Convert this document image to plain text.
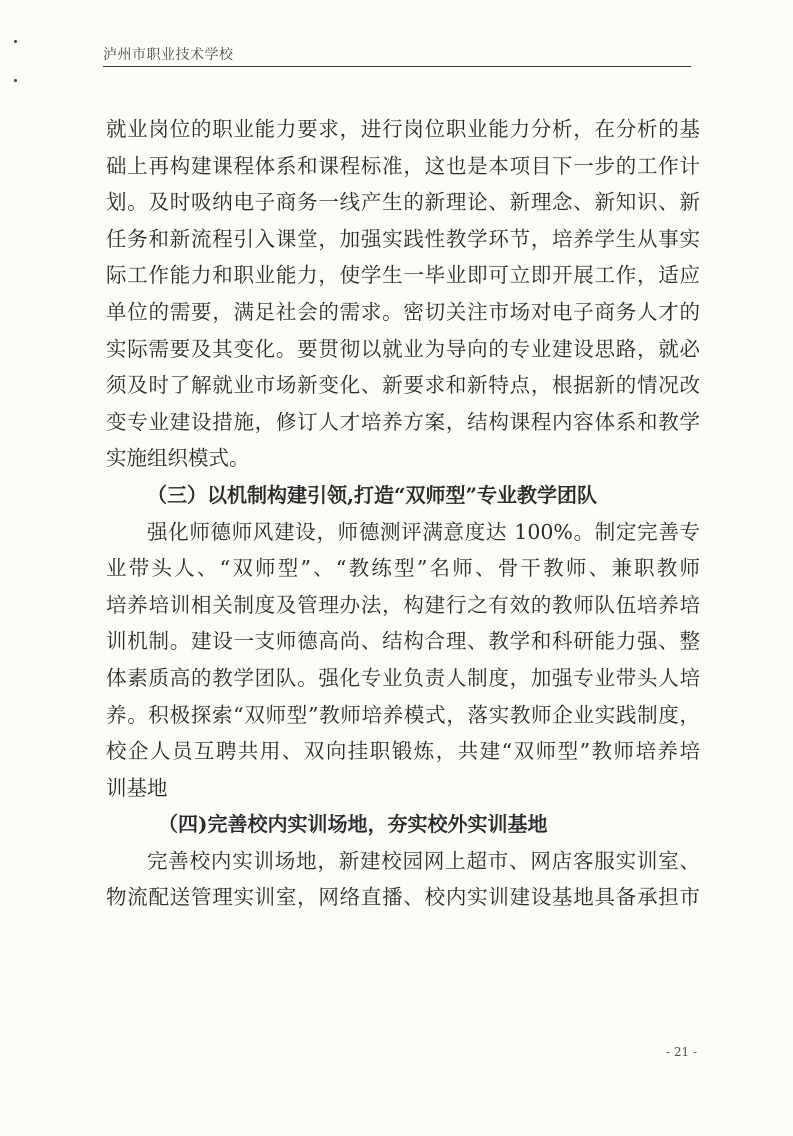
泸州市职业技术学校
就业岗位的职业能力要求，进行岗位职业能力分析，在分析的基
础上再构建课程体系和课程标准，这也是本项目下一步的工作计
划。及时吸纳电子商务一线产生的新理论、新理念、新知识、新
任务和新流程引入课堂，加强实践性教学环节，培养学生从事实
际工作能力和职业能力，使学生一毕业即可立即开展工作，适应
单位的需要，满足社会的需求。密切关注市场对电子商务人才的
实际需要及其变化。要贯彻以就业为导向的专业建设思路，就必
须及时了解就业市场新变化、新要求和新特点，根据新的情况改
变专业建设措施，修订人才培养方案，结构课程内容体系和教学
实施组织模式。
（三）以机制构建引领,打造“双师型”专业教学团队
强化师德师风建设，师德测评满意度达 100%。制定完善专
业带头人、“双师型”、“教练型”名师、骨干教师、兼职教师
培养培训相关制度及管理办法，构建行之有效的教师队伍培养培
训机制。建设一支师德高尚、结构合理、教学和科研能力强、整
体素质高的教学团队。强化专业负责人制度，加强专业带头人培
养。积极探索“双师型”教师培养模式，落实教师企业实践制度，
校企人员互聘共用、双向挂职锻炼，共建“双师型”教师培养培
训基地
（四)完善校内实训场地，夯实校外实训基地
完善校内实训场地，新建校园网上超市、网店客服实训室、
物流配送管理实训室，网络直播、校内实训建设基地具备承担市
- 21 -
